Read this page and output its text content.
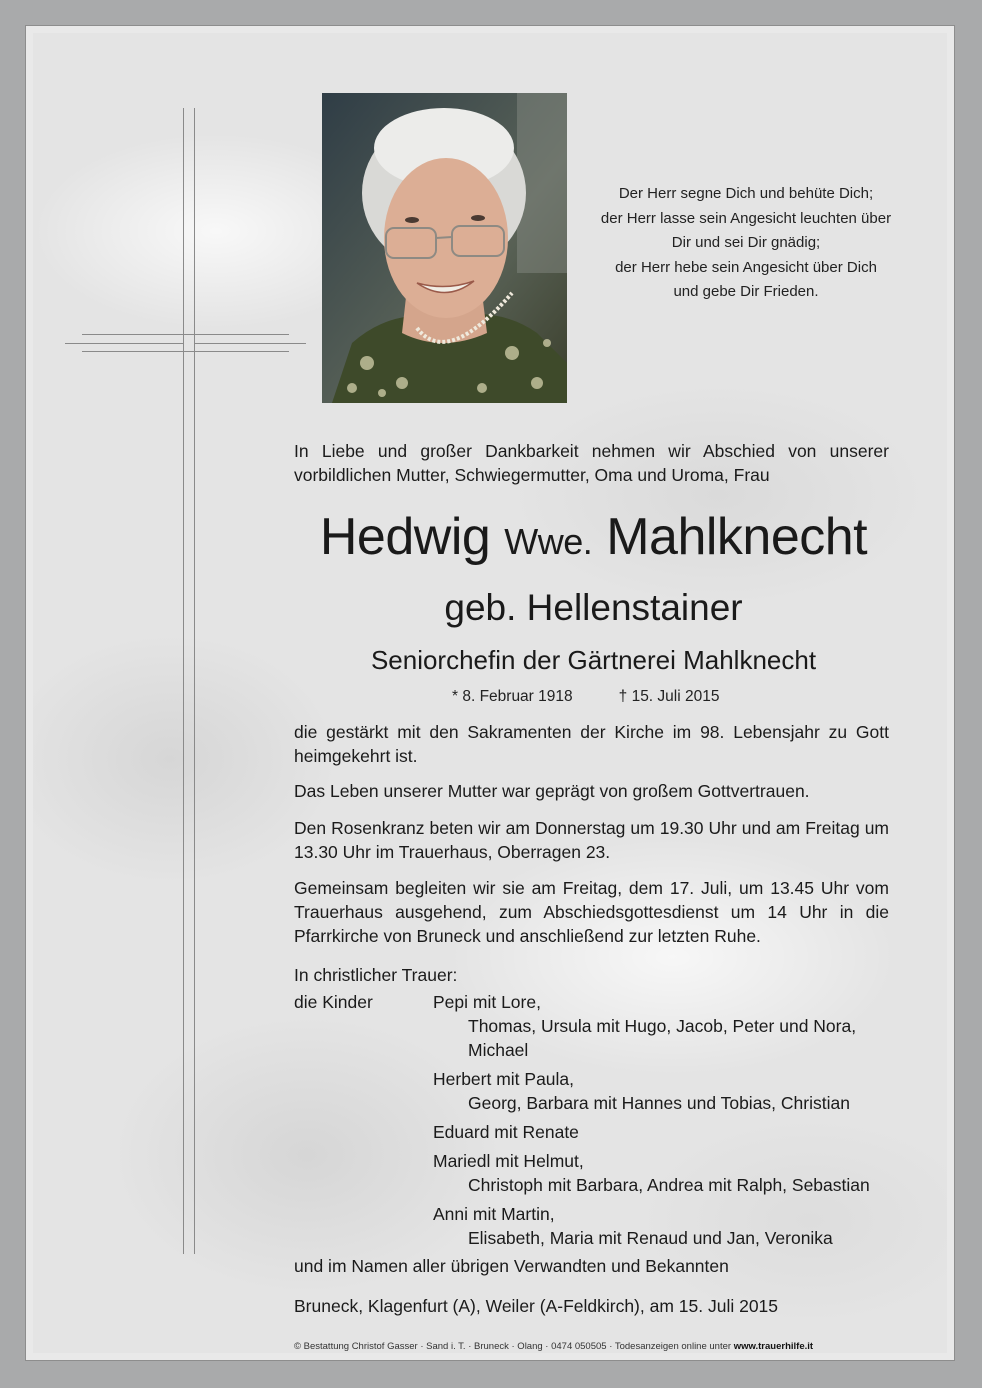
Der Herr segne Dich und behüte Dich;
der Herr lasse sein Angesicht leuchten über
Dir und sei Dir gnädig;
der Herr hebe sein Angesicht über Dich
und gebe Dir Frieden.
In Liebe und großer Dankbarkeit nehmen wir Abschied von unserer
vorbildlichen Mutter, Schwiegermutter, Oma und Uroma, Frau
Hedwig Wwe. Mahlknecht
geb. Hellenstainer
Seniorchefin der Gärtnerei Mahlknecht
* 8. Februar 1918	† 15. Juli 2015
die gestärkt mit den Sakramenten der Kirche im 98. Lebensjahr zu Gott
heimgekehrt ist.
Das Leben unserer Mutter war geprägt von großem Gottvertrauen.
Den Rosenkranz beten wir am Donnerstag um 19.30 Uhr und am Freitag um
13.30 Uhr im Trauerhaus, Oberragen 23.
Gemeinsam begleiten wir sie am Freitag, dem 17. Juli, um 13.45 Uhr vom
Trauerhaus ausgehend, zum Abschiedsgottesdienst um 14 Uhr in die
Pfarrkirche von Bruneck und anschließend zur letzten Ruhe.
In christlicher Trauer:
die Kinder	Pepi mit Lore,
Thomas, Ursula mit Hugo, Jacob, Peter und Nora,
Michael
Herbert mit Paula,
Georg, Barbara mit Hannes und Tobias, Christian
Eduard mit Renate
Mariedl mit Helmut,
Christoph mit Barbara, Andrea mit Ralph, Sebastian
Anni mit Martin,
Elisabeth, Maria mit Renaud und Jan, Veronika
und im Namen aller übrigen Verwandten und Bekannten
Bruneck, Klagenfurt (A), Weiler (A-Feldkirch), am 15. Juli 2015
© Bestattung Christof Gasser · Sand i. T. · Bruneck · Olang · 0474 050505 · Todesanzeigen online unter www.trauerhilfe.it
